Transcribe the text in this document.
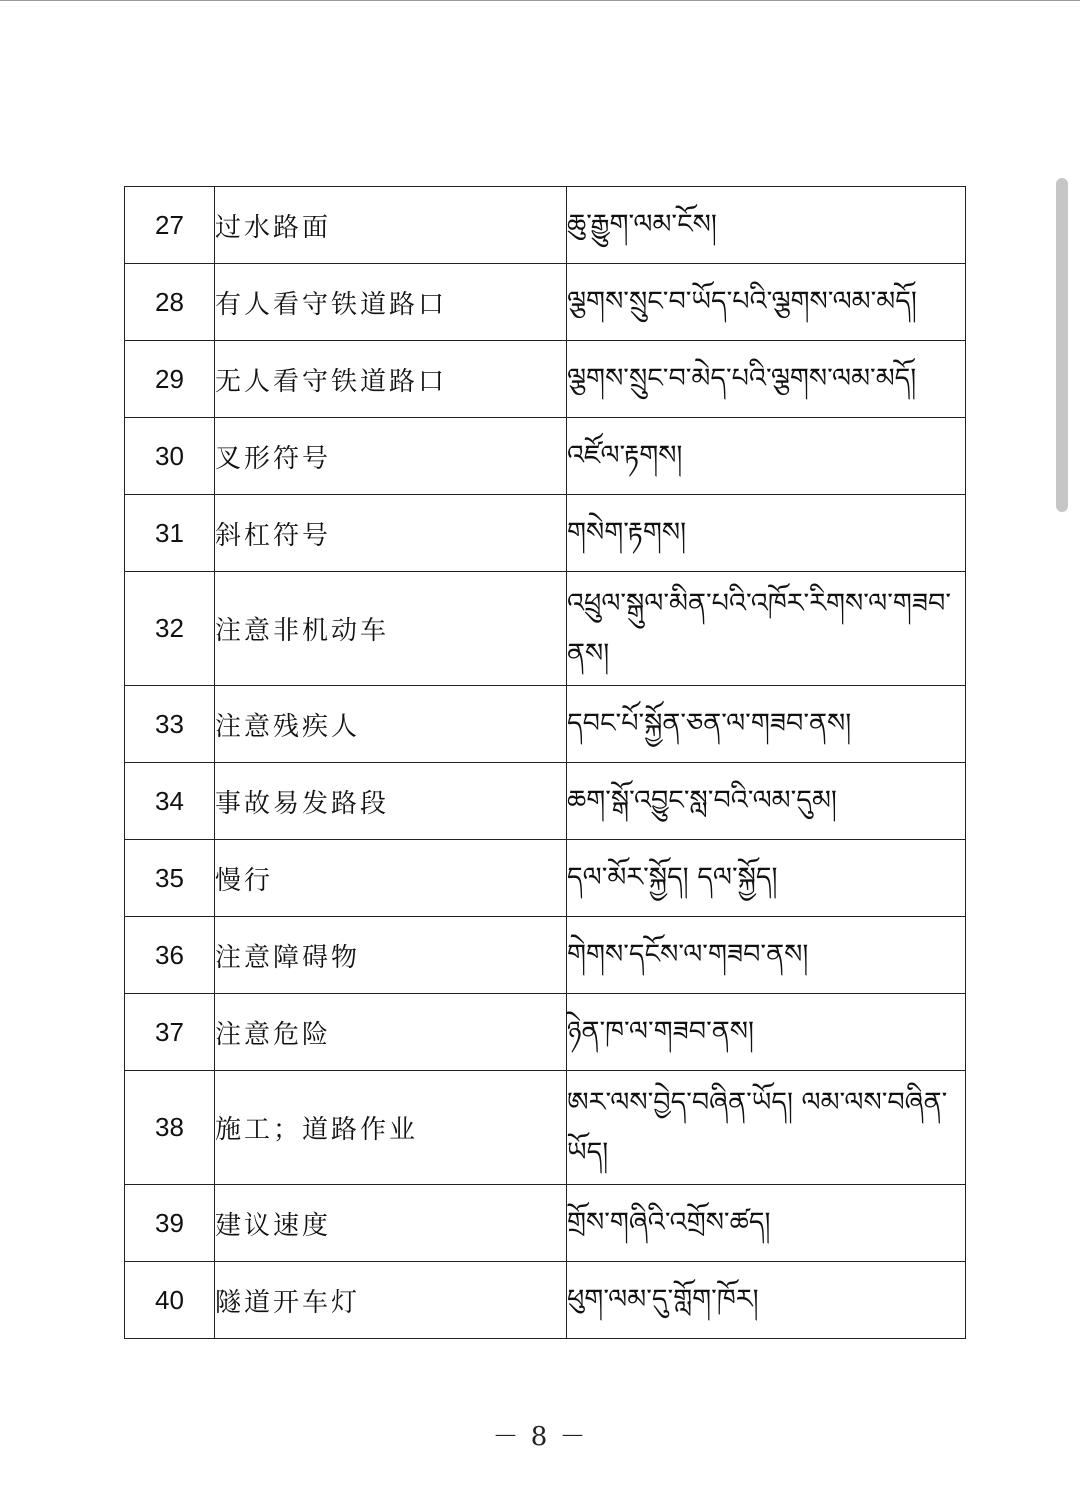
27	过水路面	ཆུ་རྒྱུག་ལམ་ངོས།
28	有人看守铁道路口	ལྕགས་སྲུང་བ་ཡོད་པའི་ལྕགས་ལམ་མདོ།
29	无人看守铁道路口	ལྕགས་སྲུང་བ་མེད་པའི་ལྕགས་ལམ་མདོ།
30	叉形符号	འཛོལ་རྟགས།
31	斜杠符号	གསེག་རྟགས།
32	注意非机动车	འཕྲུལ་སྒུལ་མིན་པའི་འཁོར་རིགས་ལ་གཟབ་ནས།
33	注意残疾人	དབང་པོ་སྐྱོན་ཅན་ལ་གཟབ་ནས།
34	事故易发路段	ཆག་སྒོ་འབྱུང་སླ་བའི་ལམ་དུམ།
35	慢行	དལ་མོར་སྐྱོད། དལ་སྐྱོད།
36	注意障碍物	གེགས་དངོས་ལ་གཟབ་ནས།
37	注意危险	ཉེན་ཁ་ལ་གཟབ་ནས།
38	施工；道路作业	ཨར་ལས་བྱེད་བཞིན་ཡོད། ལམ་ལས་བཞིན་ཡོད།
39	建议速度	གྲོས་གཞིའི་འགྲོས་ཚད།
40	隧道开车灯	ཕུག་ལམ་དུ་གློག་ཁོར།
－ 8 －
